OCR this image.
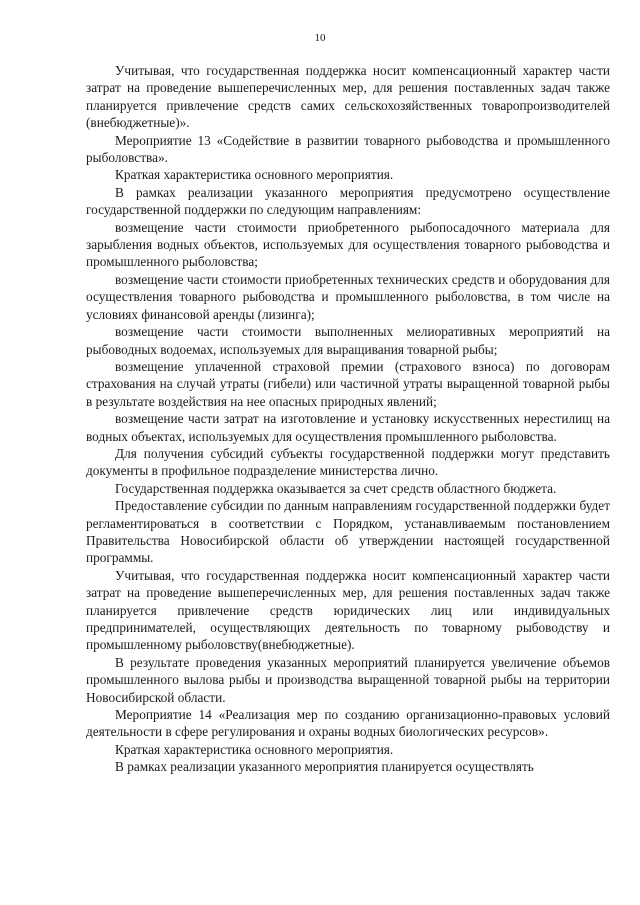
10

Учитывая, что государственная поддержка носит компенсационный характер части затрат на проведение вышеперечисленных мер, для решения поставленных задач также планируется привлечение средств самих сельскохозяйственных товаропроизводителей (внебюджетные)».

Мероприятие 13 «Содействие в развитии товарного рыбоводства и промышленного рыболовства».

Краткая характеристика основного мероприятия.

В рамках реализации указанного мероприятия предусмотрено осуществление государственной поддержки по следующим направлениям:

возмещение части стоимости приобретенного рыбопосадочного материала для зарыбления водных объектов, используемых для осуществления товарного рыбоводства и промышленного рыболовства;

возмещение части стоимости приобретенных технических средств и оборудования для осуществления товарного рыбоводства и промышленного рыболовства, в том числе на условиях финансовой аренды (лизинга);

возмещение части стоимости выполненных мелиоративных мероприятий на рыбоводных водоемах, используемых для выращивания товарной рыбы;

возмещение уплаченной страховой премии (страхового взноса) по договорам страхования на случай утраты (гибели) или частичной утраты выращенной товарной рыбы в результате воздействия на нее опасных природных явлений;

возмещение части затрат на изготовление и установку искусственных нерестилищ на водных объектах, используемых для осуществления промышленного рыболовства.

Для получения субсидий субъекты государственной поддержки могут представить документы в профильное подразделение министерства лично.

Государственная поддержка оказывается за счет средств областного бюджета.

Предоставление субсидии по данным направлениям государственной поддержки будет регламентироваться в соответствии с Порядком, устанавливаемым постановлением Правительства Новосибирской области об утверждении настоящей государственной программы.

Учитывая, что государственная поддержка носит компенсационный характер части затрат на проведение вышеперечисленных мер, для решения поставленных задач также планируется привлечение средств юридических лиц или индивидуальных предпринимателей, осуществляющих деятельность по товарному рыбоводству и промышленному рыболовству(внебюджетные).

В результате проведения указанных мероприятий планируется увеличение объемов промышленного вылова рыбы и производства выращенной товарной рыбы на территории Новосибирской области.

Мероприятие 14 «Реализация мер по созданию организационно-правовых условий деятельности в сфере регулирования и охраны водных биологических ресурсов».

Краткая характеристика основного мероприятия.

В рамках реализации указанного мероприятия планируется осуществлять
